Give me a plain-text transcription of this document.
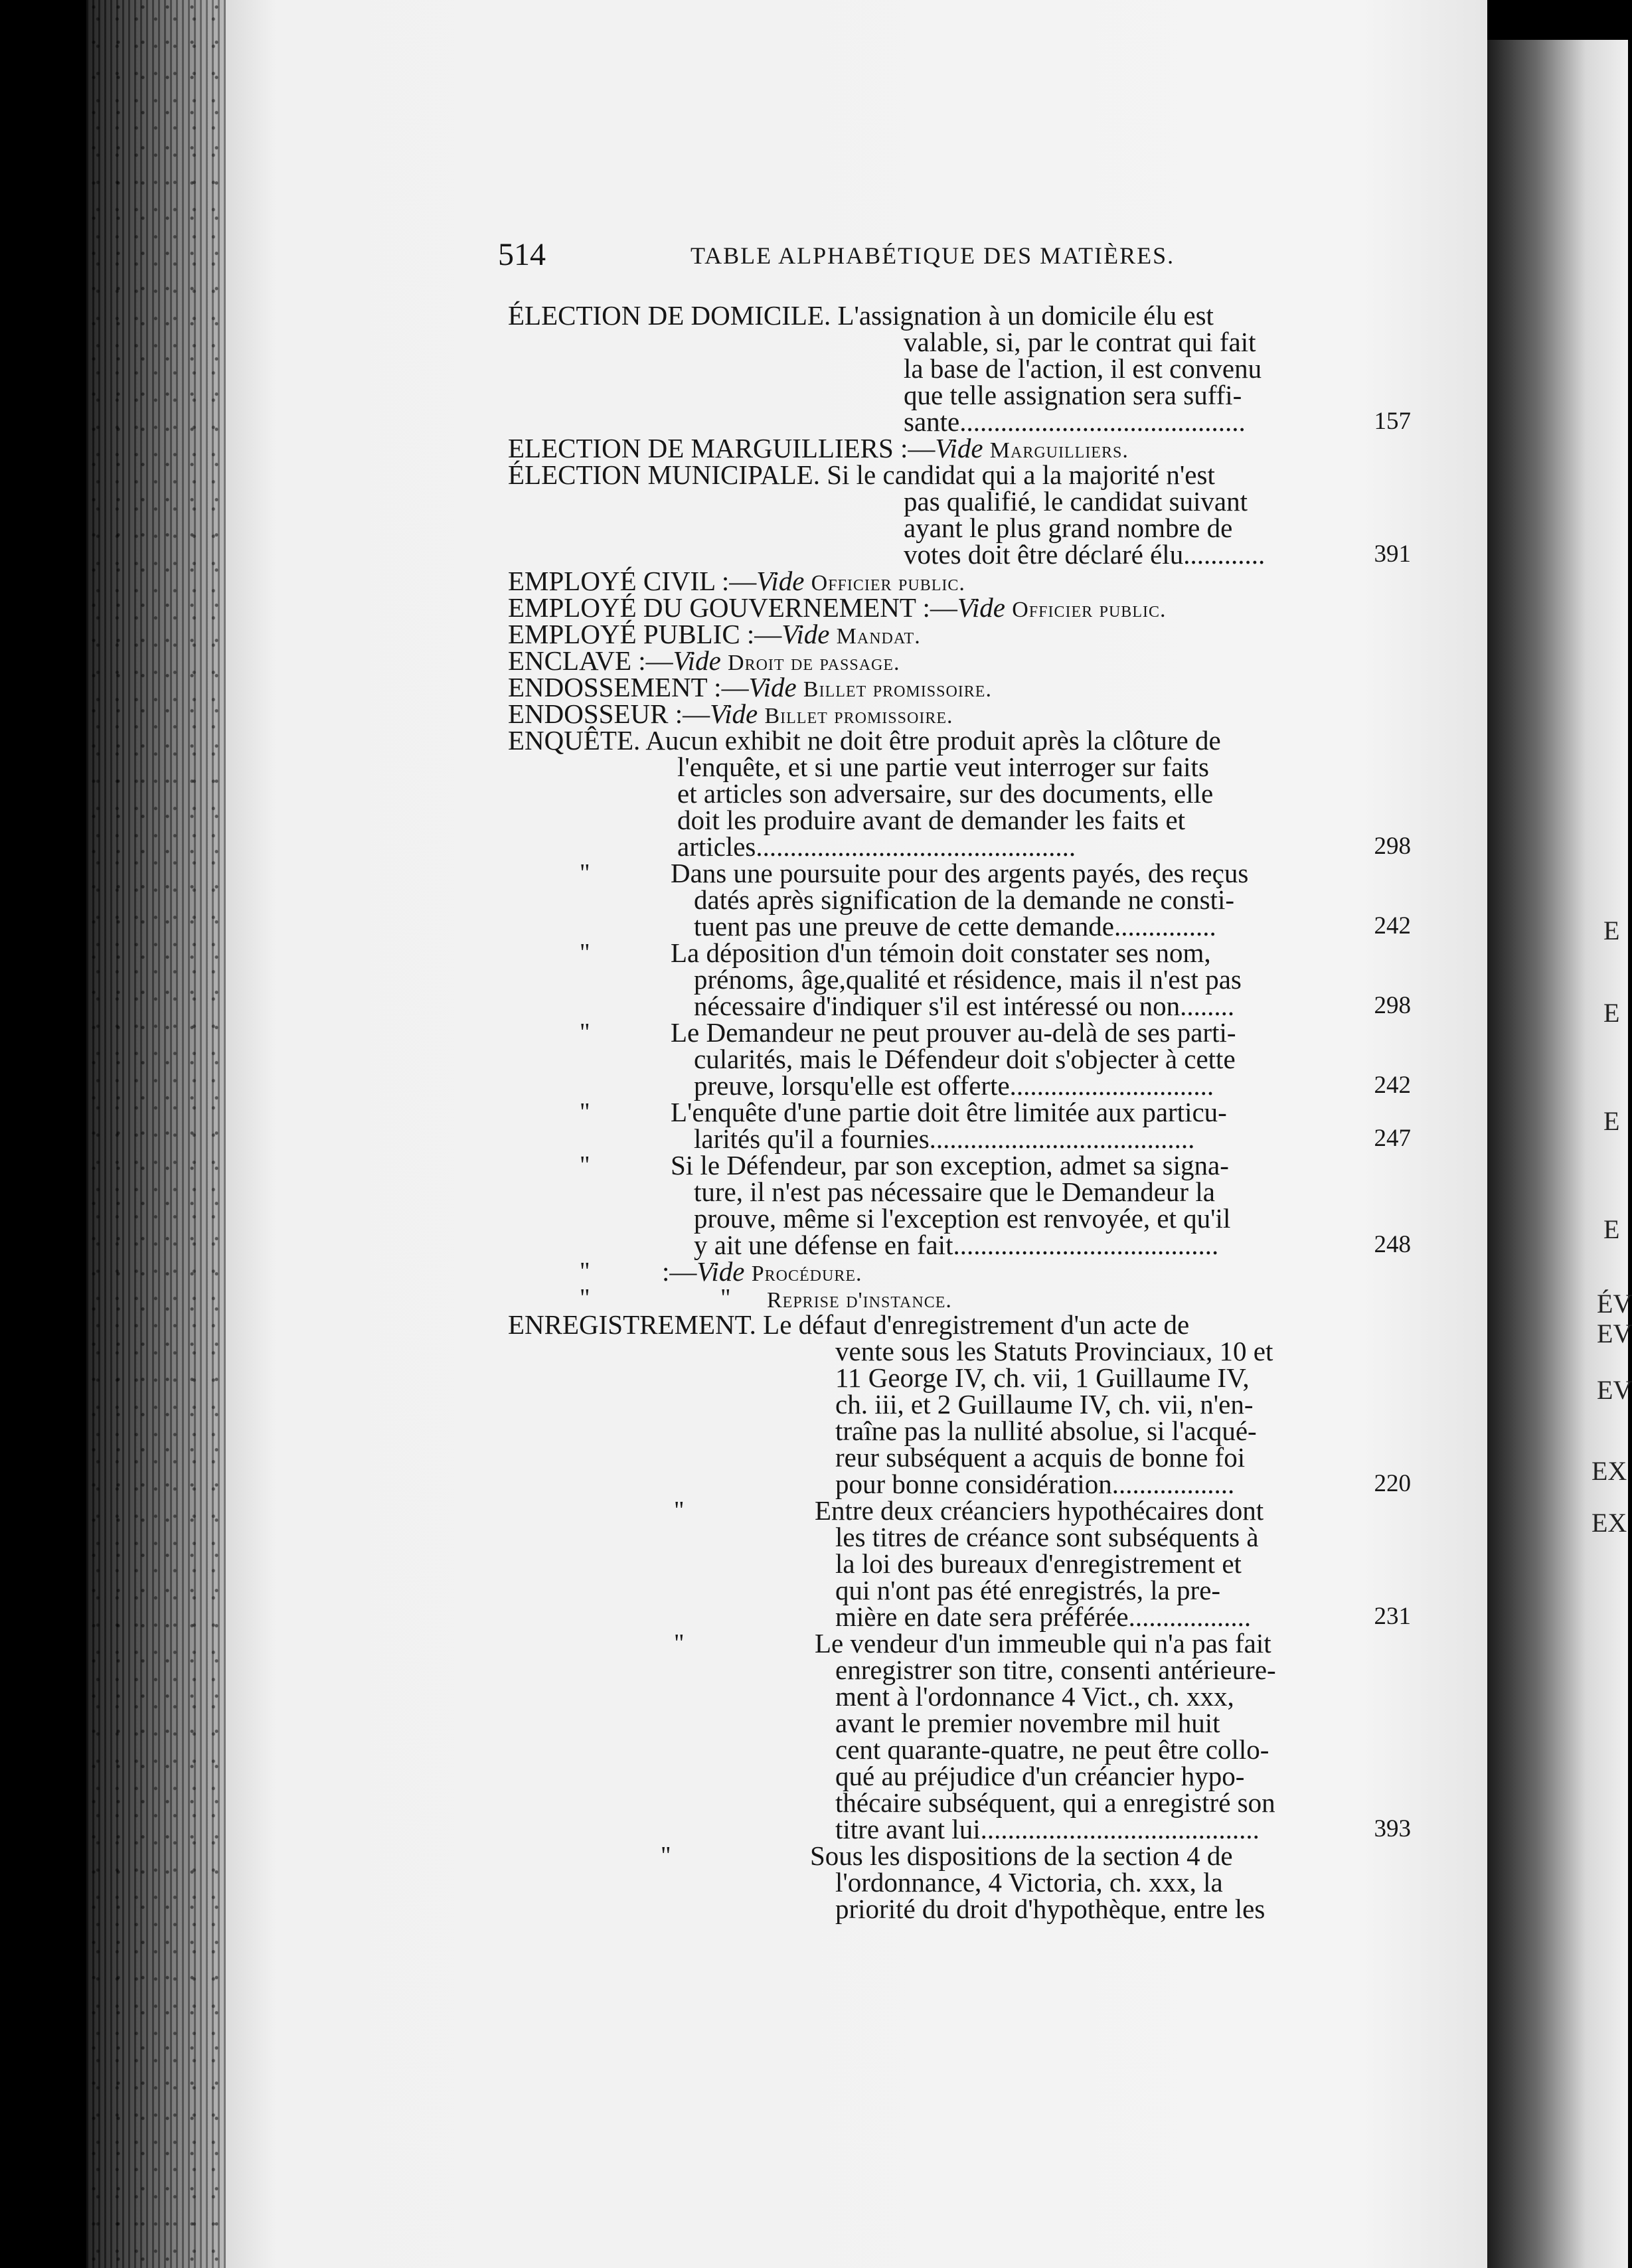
E
E
E
E
ÉV
EV
EV
EX
EX
514	TABLE ALPHABÉTIQUE DES MATIÈRES.
ÉLECTION DE DOMICILE. L'assignation à un domicile élu est
valable, si, par le contrat qui fait
la base de l'action, il est convenu
que telle assignation sera suffi-
sante..........................................	157
ELECTION DE MARGUILLIERS :—Vide Marguilliers.
ÉLECTION MUNICIPALE. Si le candidat qui a la majorité n'est
pas qualifié, le candidat suivant
ayant le plus grand nombre de
votes doit être déclaré élu............	391
EMPLOYÉ CIVIL :—Vide Officier public.
EMPLOYÉ DU GOUVERNEMENT :—Vide Officier public.
EMPLOYÉ PUBLIC :—Vide Mandat.
ENCLAVE :—Vide Droit de passage.
ENDOSSEMENT :—Vide Billet promissoire.
ENDOSSEUR :—Vide Billet promissoire.
ENQUÊTE. Aucun exhibit ne doit être produit après la clôture de
l'enquête, et si une partie veut interroger sur faits
et articles son adversaire, sur des documents, elle
doit les produire avant de demander les faits et
articles...............................................	298
"	Dans une poursuite pour des argents payés, des reçus
datés après signification de la demande ne consti-
tuent pas une preuve de cette demande...............	242
"	La déposition d'un témoin doit constater ses nom,
prénoms, âge,qualité et résidence, mais il n'est pas
nécessaire d'indiquer s'il est intéressé ou non........	298
"	Le Demandeur ne peut prouver au-delà de ses parti-
cularités, mais le Défendeur doit s'objecter à cette
preuve, lorsqu'elle est offerte..............................	242
"	L'enquête d'une partie doit être limitée aux particu-
larités qu'il a fournies.......................................	247
"	Si le Défendeur, par son exception, admet sa signa-
ture, il n'est pas nécessaire que le Demandeur la
prouve, même si l'exception est renvoyée, et qu'il
y ait une défense en fait.......................................	248
"	:—Vide Procédure.
"	"	Reprise d'instance.
ENREGISTREMENT. Le défaut d'enregistrement d'un acte de
vente sous les Statuts Provinciaux, 10 et
11 George IV, ch. vii, 1 Guillaume IV,
ch. iii, et 2 Guillaume IV, ch. vii, n'en-
traîne pas la nullité absolue, si l'acqué-
reur subséquent a acquis de bonne foi
pour bonne considération..................	220
"	Entre deux créanciers hypothécaires dont
les titres de créance sont subséquents à
la loi des bureaux d'enregistrement et
qui n'ont pas été enregistrés, la pre-
mière en date sera préférée..................	231
"	Le vendeur d'un immeuble qui n'a pas fait
enregistrer son titre, consenti antérieure-
ment à l'ordonnance 4 Vict., ch. xxx,
avant le premier novembre mil huit
cent quarante-quatre, ne peut être collo-
qué au préjudice d'un créancier hypo-
thécaire subséquent, qui a enregistré son
titre avant lui.........................................	393
"	Sous les dispositions de la section 4 de
l'ordonnance, 4 Victoria, ch. xxx, la
priorité du droit d'hypothèque, entre les
